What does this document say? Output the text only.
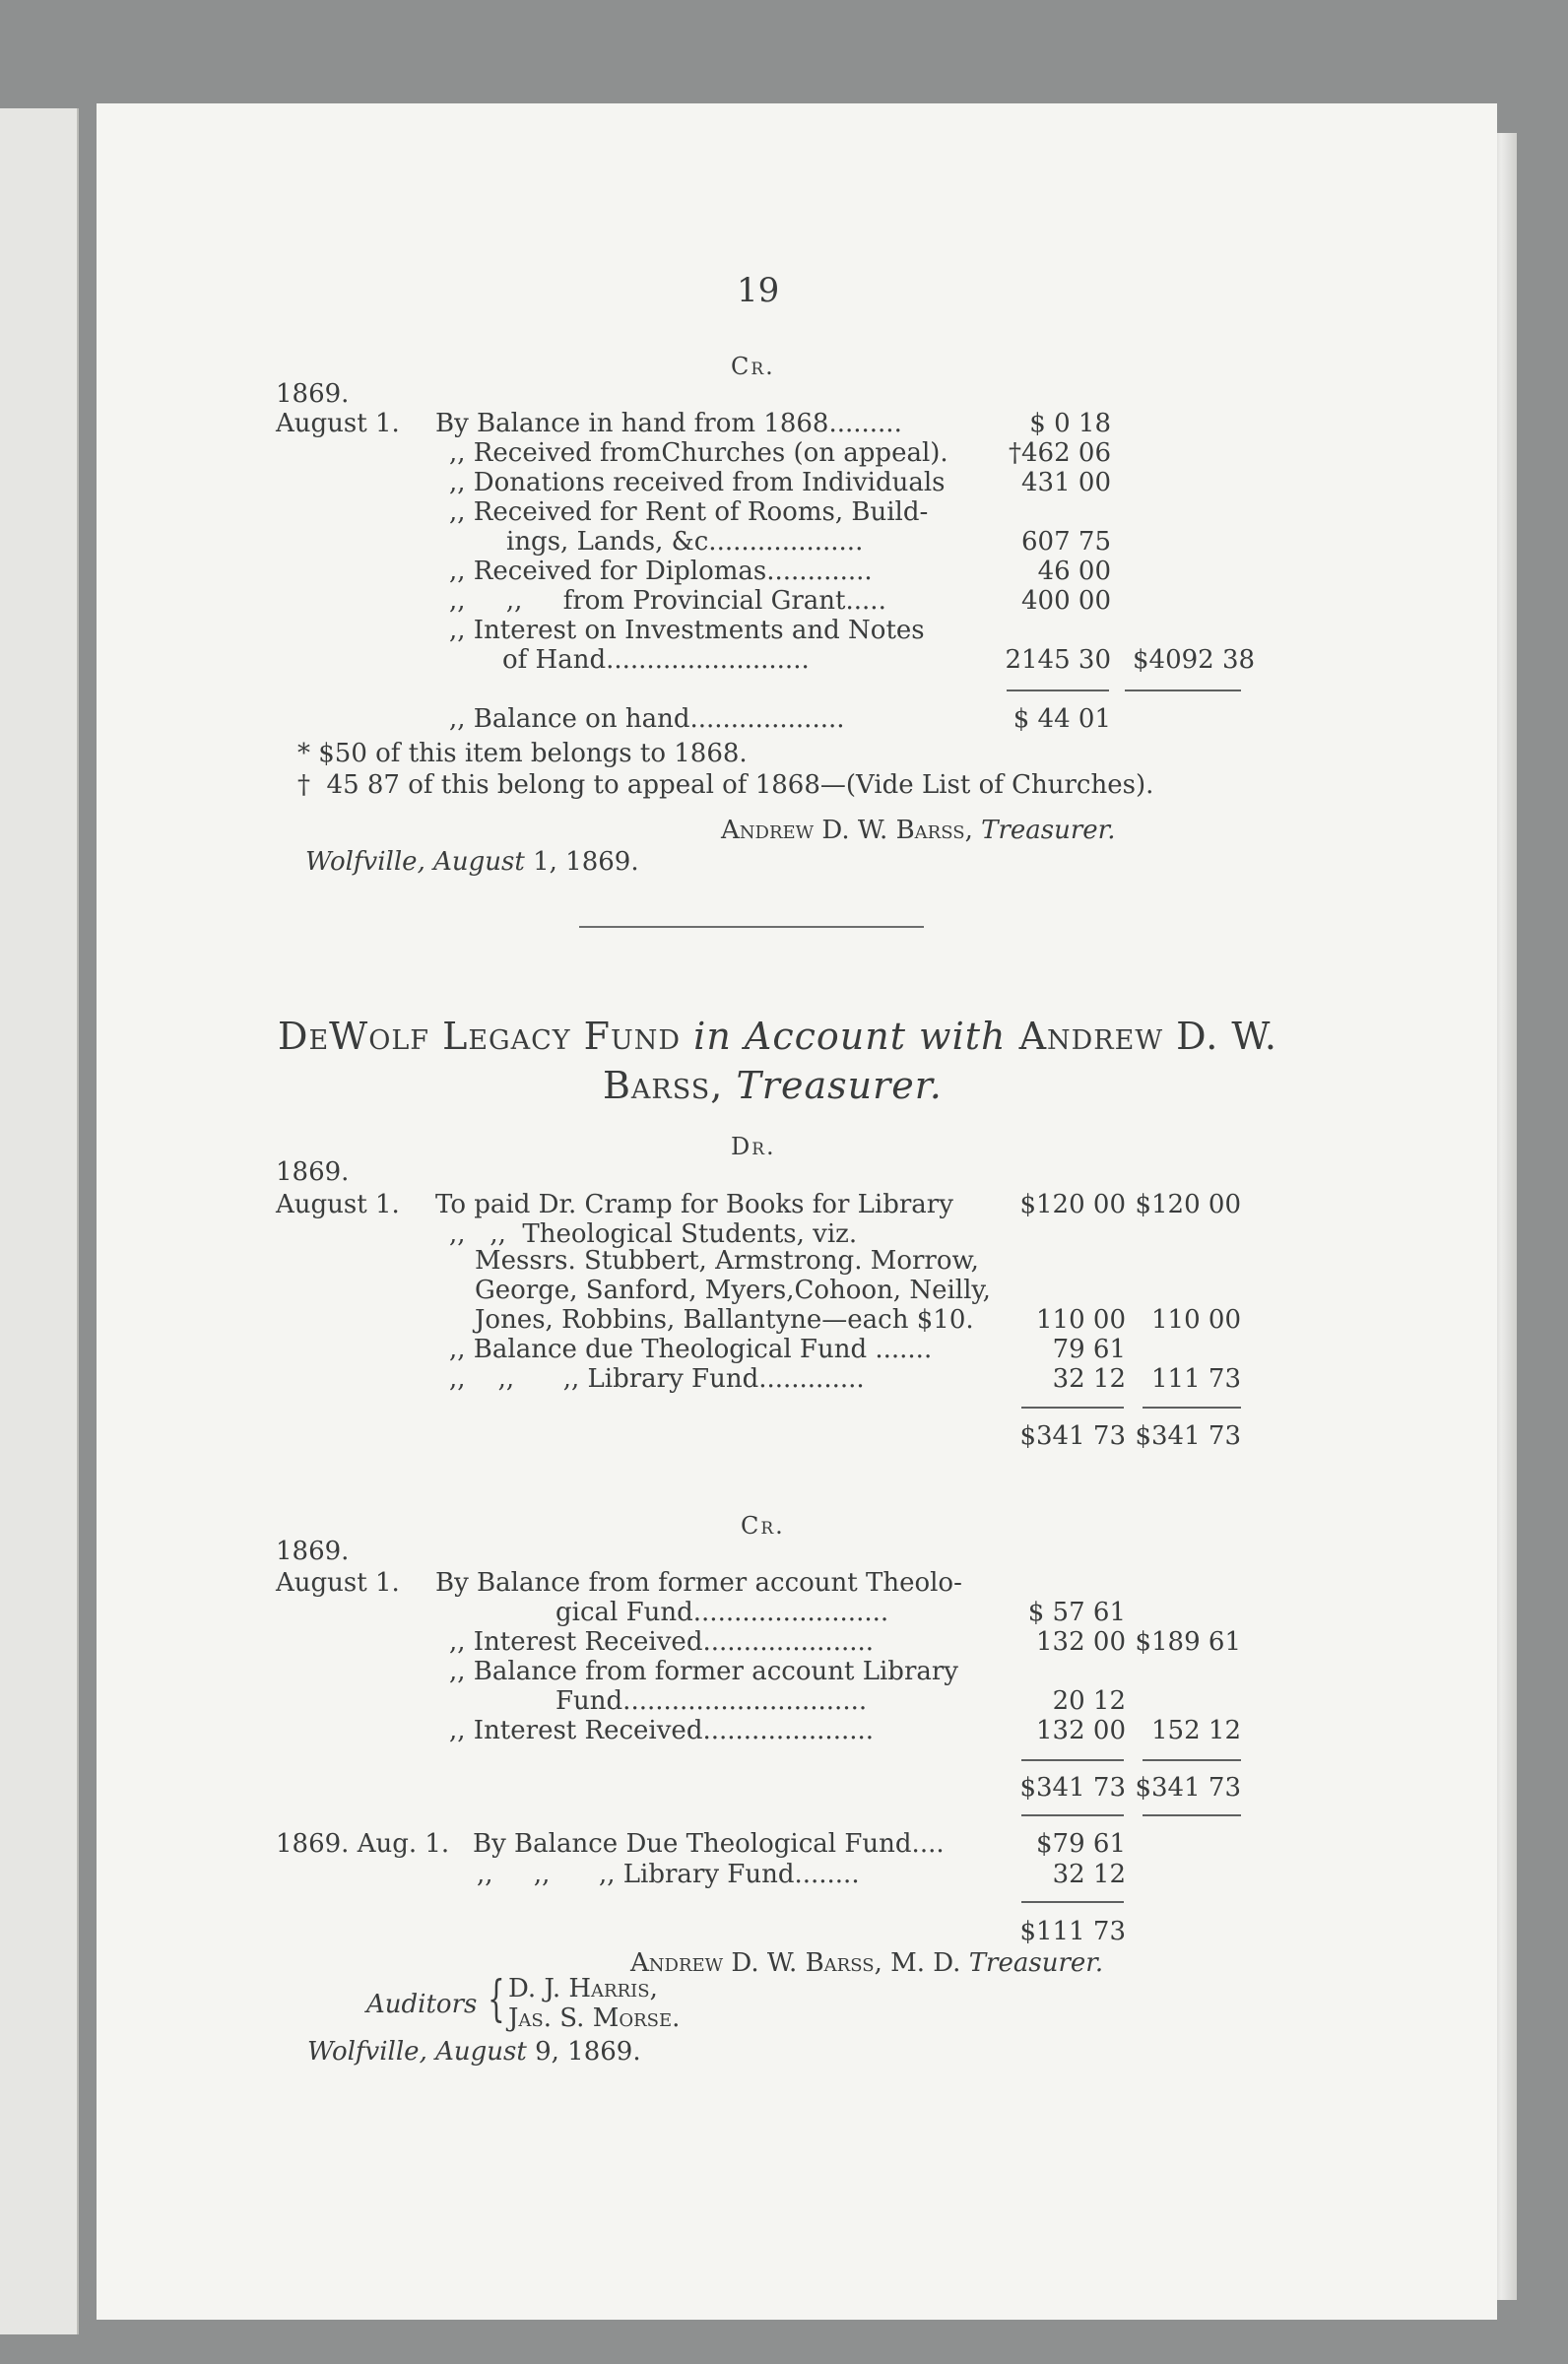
19
Cr.
1869.
August 1. By Balance in hand from 1868.........	$ 0 18
,, Received fromChurches (on appeal).	†462 06
,, Donations received from Individuals	431 00
,, Received for Rent of Rooms, Build-
ings, Lands, &c...................	607 75
,, Received for Diplomas.............	46 00
,,     ,,     from Provincial Grant.....	400 00
,, Interest on Investments and Notes
of Hand.........................	2145 30 $4092 38
,, Balance on hand...................	$ 44 01
* $50 of this item belongs to 1868.
†  45 87 of this belong to appeal of 1868—(Vide List of Churches).
Andrew D. W. Barss, Treasurer.
Wolfville, August 1, 1869.
DeWolf Legacy Fund in Account with Andrew D. W.
Barss, Treasurer.
Dr.
1869.
August 1. To paid Dr. Cramp for Books for Library	$120 00 $120 00
,,   ,,  Theological Students, viz.
Messrs. Stubbert, Armstrong. Morrow,
George, Sanford, Myers,Cohoon, Neilly,
Jones, Robbins, Ballantyne—each $10.	110 00	110 00
,, Balance due Theological Fund .......	79 61
,,    ,,      ,, Library Fund.............	32 12	111 73
$341 73 $341 73
Cr.
1869.
August 1. By Balance from former account Theolo-
gical Fund........................	$ 57 61
,, Interest Received.....................	132 00 $189 61
,, Balance from former account Library
Fund..............................	20 12
,, Interest Received.....................	132 00	152 12
$341 73 $341 73
1869. Aug. 1. By Balance Due Theological Fund....	$79 61
,,     ,,      ,, Library Fund........	32 12
$111 73
Andrew D. W. Barss, M. D. Treasurer.
Auditors { D. J. Harris,
Jas. S. Morse.
Wolfville, August 9, 1869.
